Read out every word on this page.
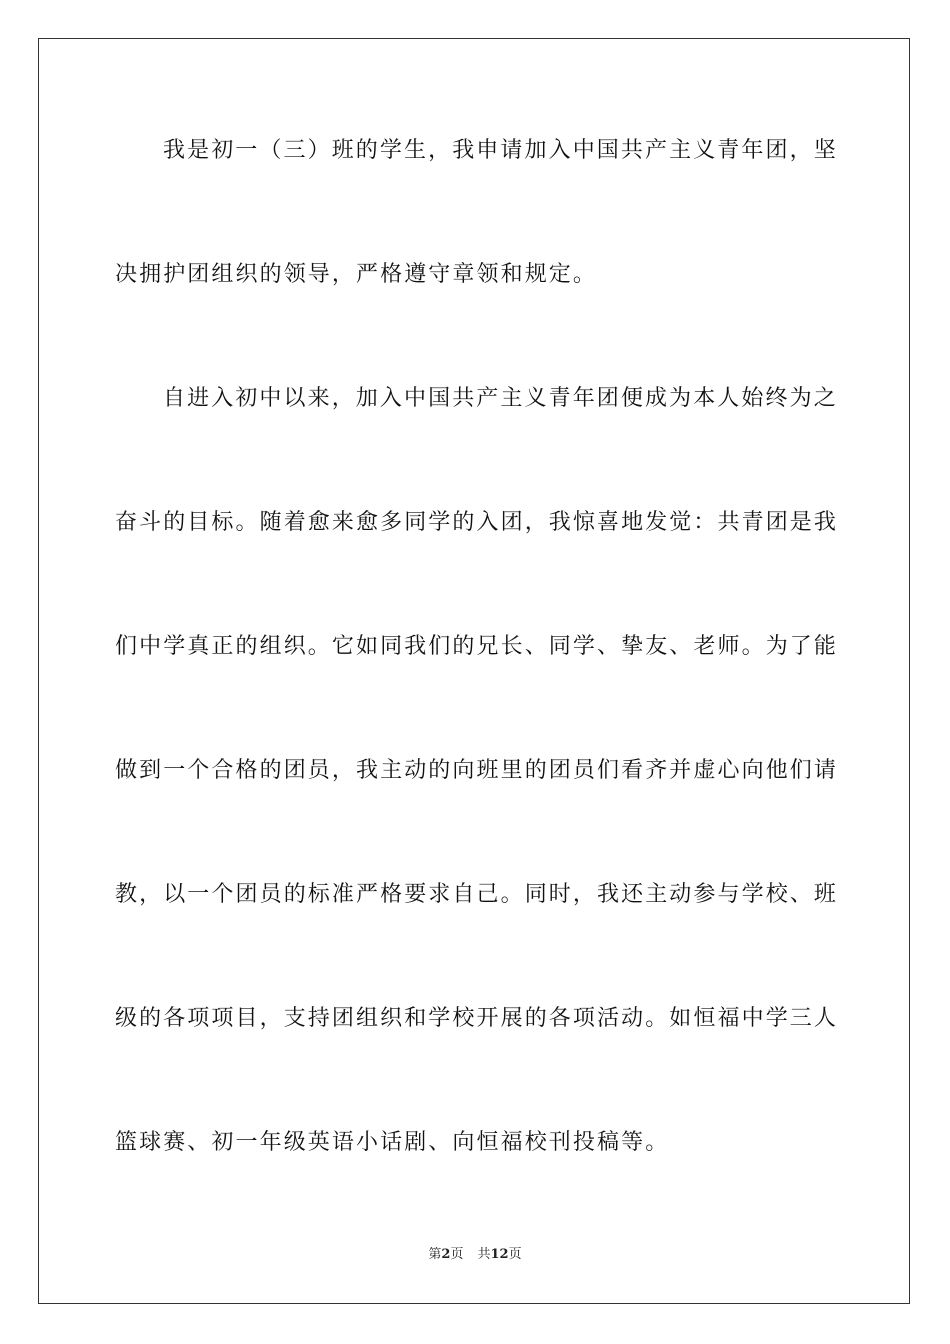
我是初一（三）班的学生，我申请加入中国共产主义青年团，坚
决拥护团组织的领导，严格遵守章领和规定。
自进入初中以来，加入中国共产主义青年团便成为本人始终为之
奋斗的目标。随着愈来愈多同学的入团，我惊喜地发觉：共青团是我
们中学真正的组织。它如同我们的兄长、同学、挚友、老师。为了能
做到一个合格的团员，我主动的向班里的团员们看齐并虚心向他们请
教，以一个团员的标准严格要求自己。同时，我还主动参与学校、班
级的各项项目，支持团组织和学校开展的各项活动。如恒福中学三人
篮球赛、初一年级英语小话剧、向恒福校刊投稿等。
第2页 共12页
